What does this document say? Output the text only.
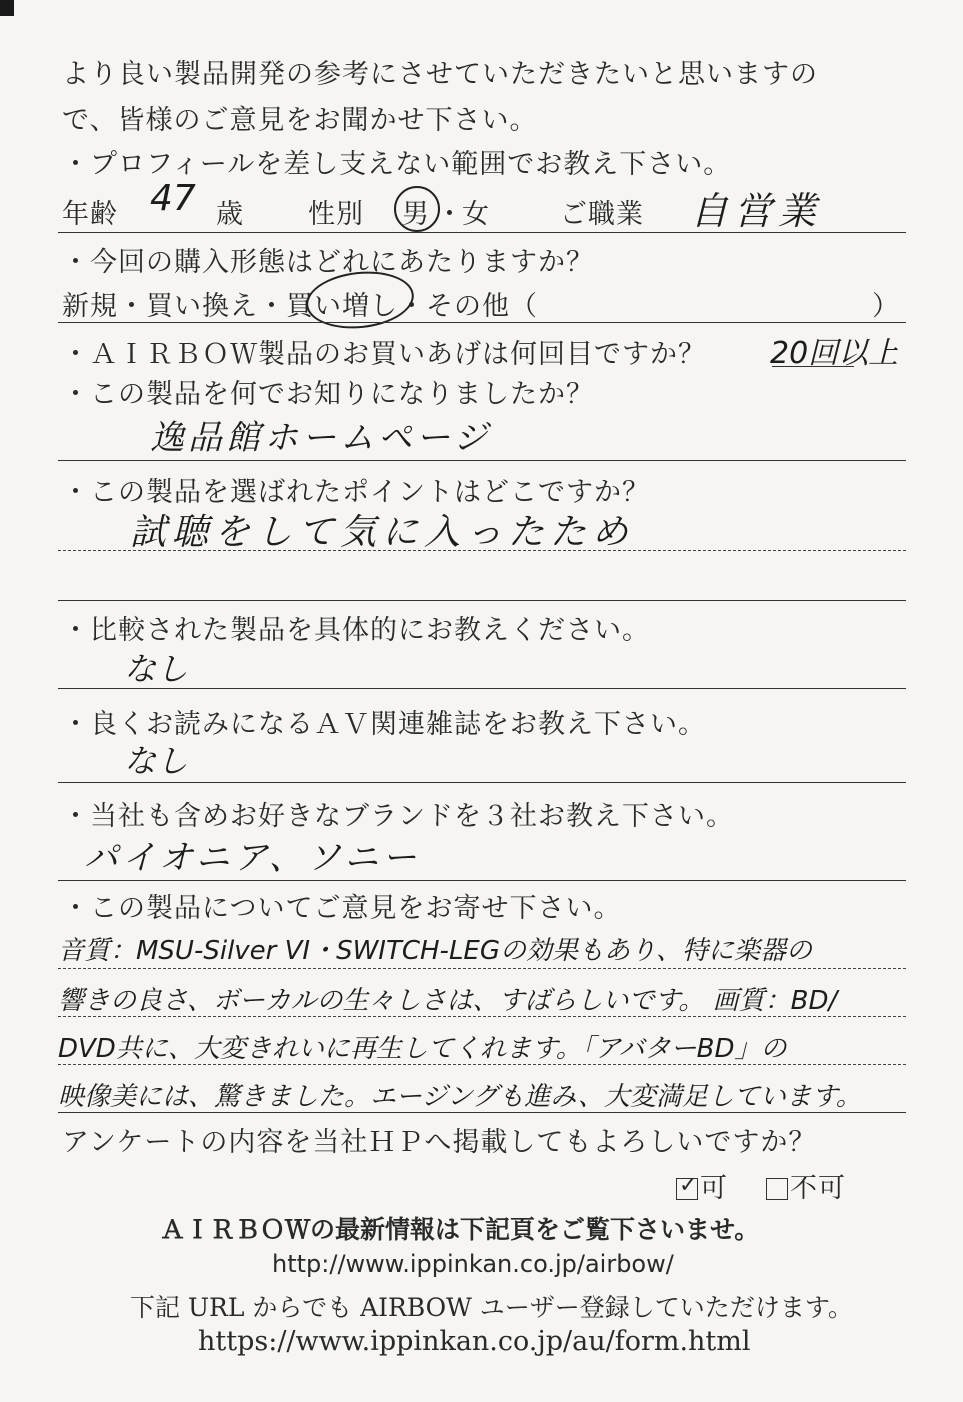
より良い製品開発の参考にさせていただきたいと思いますの
で、皆様のご意見をお聞かせ下さい。
・プロフィールを差し支えない範囲でお教え下さい。
年齢 47 歳 性別 男 ・
女	ご職業 自営業
・今回の購入形態はどれにあたりますか？
新規・買い換え・買い増し・その他（	）
・ＡＩＲＢＯＷ製品のお買いあげは何回目ですか？ 20回以上
・この製品を何でお知りになりましたか？
逸品館ホームページ
・この製品を選ばれたポイントはどこですか？
試聴をして気に入ったため
・比較された製品を具体的にお教えください。
なし
・良くお読みになるＡＶ関連雑誌をお教え下さい。
なし
・当社も含めお好きなブランドを３社お教え下さい。
パイオニア、ソニー
・この製品についてご意見をお寄せ下さい。
音質：MSU-Silver VI・SWITCH-LEGの効果もあり、特に楽器の
響きの良さ、ボーカルの生々しさは、すばらしいです。 画質：BD/
DVD共に、大変きれいに再生してくれます。「アバターBD」の
映像美には、驚きました。エージングも進み、大変満足しています。
アンケートの内容を当社ＨＰへ掲載してもよろしいですか？
✓ 可	不可
ＡＩＲＢＯＷの最新情報は下記頁をご覧下さいませ。
http://www.ippinkan.co.jp/airbow/
下記 URL からでも AIRBOW ユーザー登録していただけます。
https://www.ippinkan.co.jp/au/form.html
